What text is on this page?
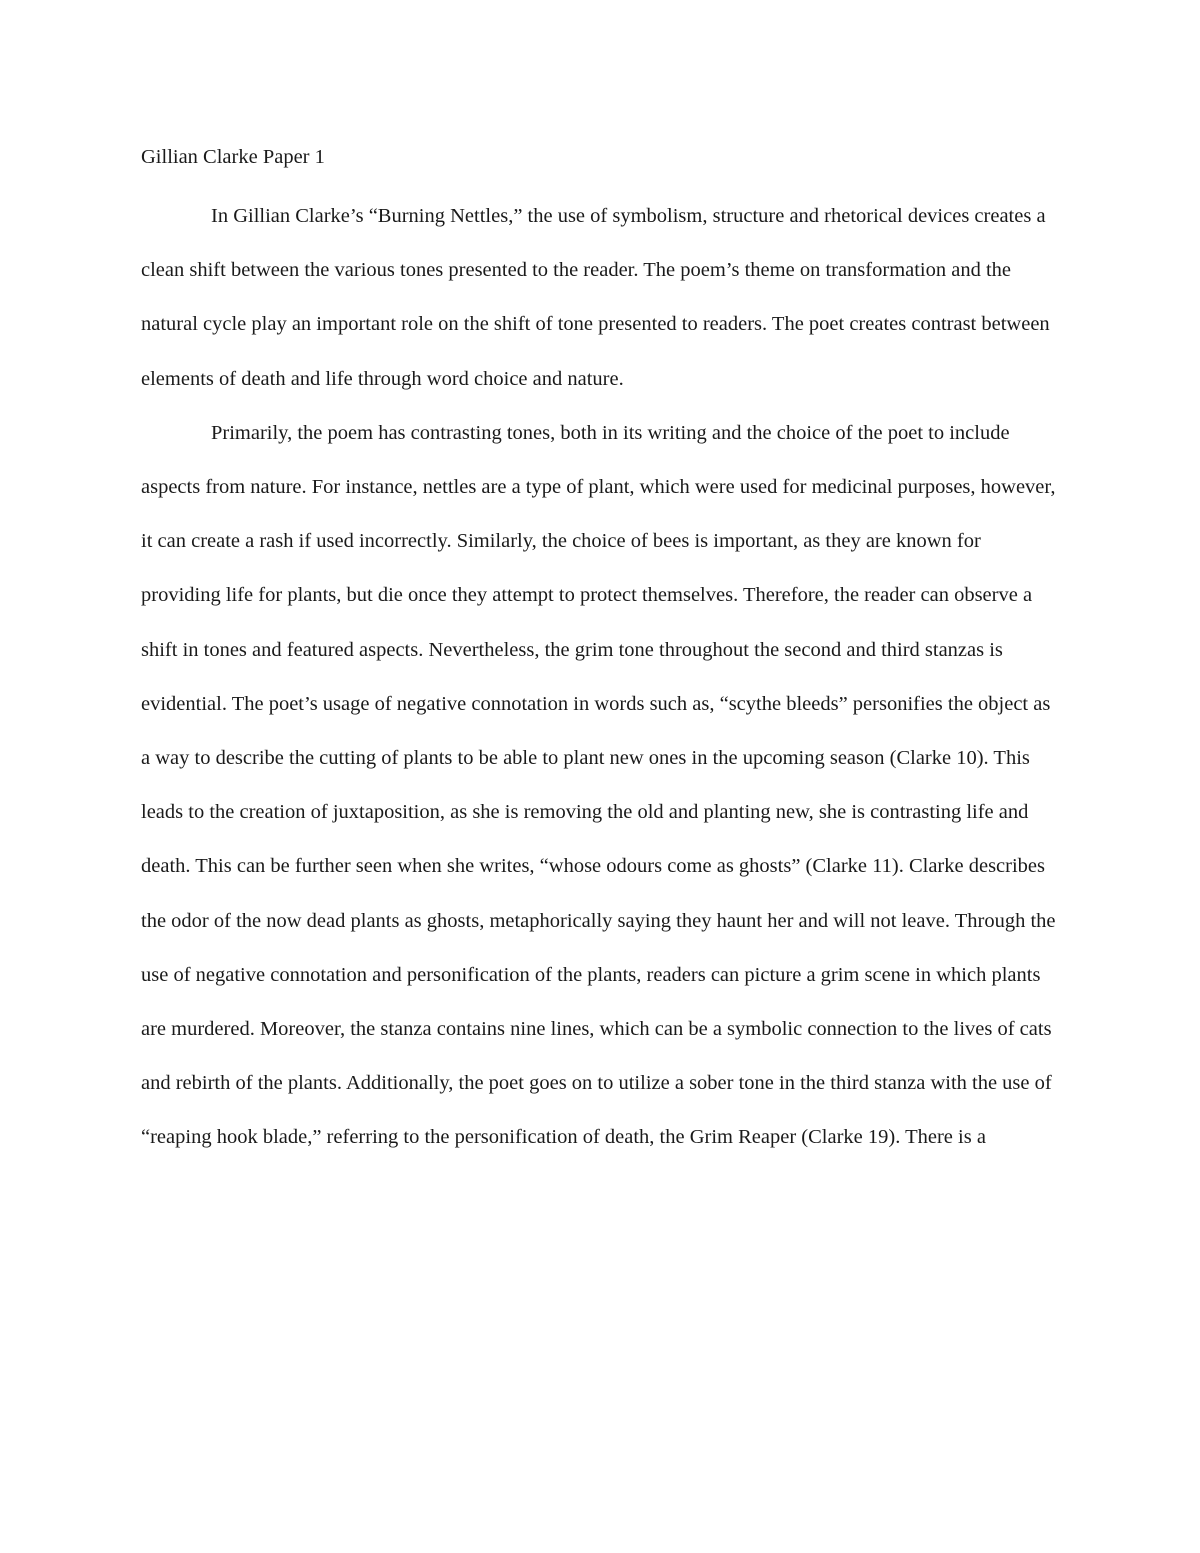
Gillian Clarke Paper 1

In Gillian Clarke’s “Burning Nettles,” the use of symbolism, structure and rhetorical devices creates a clean shift between the various tones presented to the reader. The poem’s theme on transformation and the natural cycle play an important role on the shift of tone presented to readers. The poet creates contrast between elements of death and life through word choice and nature.

Primarily, the poem has contrasting tones, both in its writing and the choice of the poet to include aspects from nature. For instance, nettles are a type of plant, which were used for medicinal purposes, however, it can create a rash if used incorrectly. Similarly, the choice of bees is important, as they are known for providing life for plants, but die once they attempt to protect themselves. Therefore, the reader can observe a shift in tones and featured aspects. Nevertheless, the grim tone throughout the second and third stanzas is evidential. The poet’s usage of negative connotation in words such as, “scythe bleeds” personifies the object as a way to describe the cutting of plants to be able to plant new ones in the upcoming season (Clarke 10). This leads to the creation of juxtaposition, as she is removing the old and planting new, she is contrasting life and death. This can be further seen when she writes, “whose odours come as ghosts” (Clarke 11). Clarke describes the odor of the now dead plants as ghosts, metaphorically saying they haunt her and will not leave. Through the use of negative connotation and personification of the plants, readers can picture a grim scene in which plants are murdered. Moreover, the stanza contains nine lines, which can be a symbolic connection to the lives of cats and rebirth of the plants. Additionally, the poet goes on to utilize a sober tone in the third stanza with the use of “reaping hook blade,” referring to the personification of death, the Grim Reaper (Clarke 19). There is a
